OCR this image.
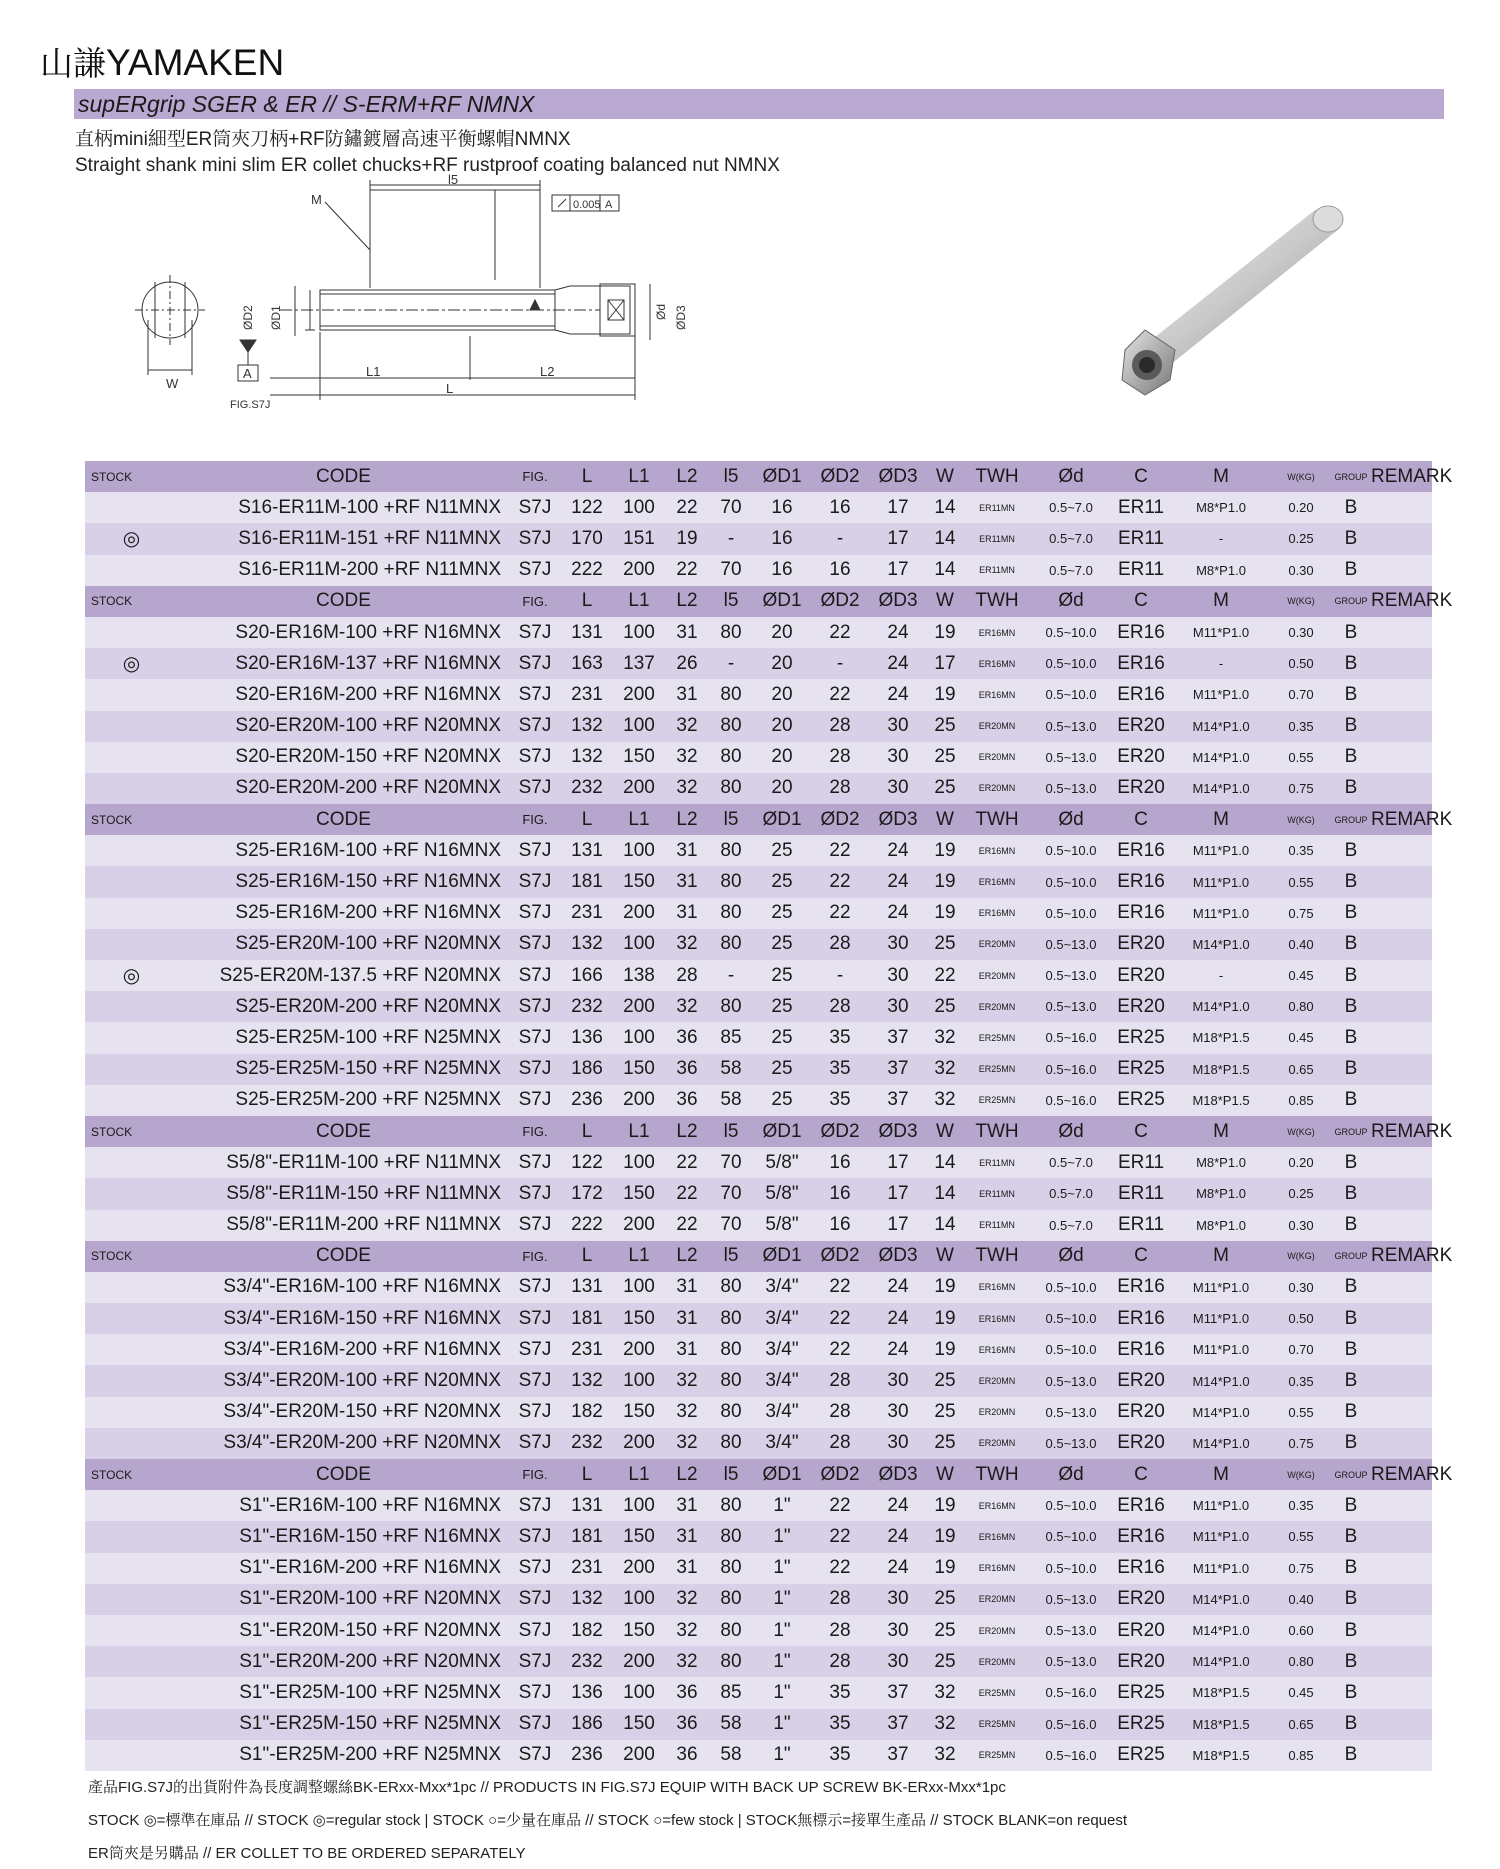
山謙YAMAKEN
supERgrip SGER & ER // S-ERM+RF NMNX
直柄mini細型ER筒夾刀柄+RF防鏽鍍層高速平衡螺帽NMNX
Straight shank mini slim ER collet chucks+RF rustproof coating balanced nut NMNX
M
l5
0.005 A
W
A	L1	L2
L
FIG.S7J
ØD2 ØD1	Ød ØD3
STOCK	CODE	FIG.	L	L1	L2	l5	ØD1	ØD2	ØD3	W	TWH	Ød	C	M	W(KG)	GROUP	REMARK
	S16-ER11M-100 +RF N11MNX	S7J	122	100	22	70	16	16	17	14	ER11MN	0.5~7.0	ER11	M8*P1.0	0.20	B	
◎	S16-ER11M-151 +RF N11MNX	S7J	170	151	19	-	16	-	17	14	ER11MN	0.5~7.0	ER11	-	0.25	B	
	S16-ER11M-200 +RF N11MNX	S7J	222	200	22	70	16	16	17	14	ER11MN	0.5~7.0	ER11	M8*P1.0	0.30	B	
STOCK	CODE	FIG.	L	L1	L2	l5	ØD1	ØD2	ØD3	W	TWH	Ød	C	M	W(KG)	GROUP	REMARK
	S20-ER16M-100 +RF N16MNX	S7J	131	100	31	80	20	22	24	19	ER16MN	0.5~10.0	ER16	M11*P1.0	0.30	B	
◎	S20-ER16M-137 +RF N16MNX	S7J	163	137	26	-	20	-	24	17	ER16MN	0.5~10.0	ER16	-	0.50	B	
	S20-ER16M-200 +RF N16MNX	S7J	231	200	31	80	20	22	24	19	ER16MN	0.5~10.0	ER16	M11*P1.0	0.70	B	
	S20-ER20M-100 +RF N20MNX	S7J	132	100	32	80	20	28	30	25	ER20MN	0.5~13.0	ER20	M14*P1.0	0.35	B	
	S20-ER20M-150 +RF N20MNX	S7J	132	150	32	80	20	28	30	25	ER20MN	0.5~13.0	ER20	M14*P1.0	0.55	B	
	S20-ER20M-200 +RF N20MNX	S7J	232	200	32	80	20	28	30	25	ER20MN	0.5~13.0	ER20	M14*P1.0	0.75	B	
STOCK	CODE	FIG.	L	L1	L2	l5	ØD1	ØD2	ØD3	W	TWH	Ød	C	M	W(KG)	GROUP	REMARK
	S25-ER16M-100 +RF N16MNX	S7J	131	100	31	80	25	22	24	19	ER16MN	0.5~10.0	ER16	M11*P1.0	0.35	B	
	S25-ER16M-150 +RF N16MNX	S7J	181	150	31	80	25	22	24	19	ER16MN	0.5~10.0	ER16	M11*P1.0	0.55	B	
	S25-ER16M-200 +RF N16MNX	S7J	231	200	31	80	25	22	24	19	ER16MN	0.5~10.0	ER16	M11*P1.0	0.75	B	
	S25-ER20M-100 +RF N20MNX	S7J	132	100	32	80	25	28	30	25	ER20MN	0.5~13.0	ER20	M14*P1.0	0.40	B	
◎	S25-ER20M-137.5 +RF N20MNX	S7J	166	138	28	-	25	-	30	22	ER20MN	0.5~13.0	ER20	-	0.45	B	
	S25-ER20M-200 +RF N20MNX	S7J	232	200	32	80	25	28	30	25	ER20MN	0.5~13.0	ER20	M14*P1.0	0.80	B	
	S25-ER25M-100 +RF N25MNX	S7J	136	100	36	85	25	35	37	32	ER25MN	0.5~16.0	ER25	M18*P1.5	0.45	B	
	S25-ER25M-150 +RF N25MNX	S7J	186	150	36	58	25	35	37	32	ER25MN	0.5~16.0	ER25	M18*P1.5	0.65	B	
	S25-ER25M-200 +RF N25MNX	S7J	236	200	36	58	25	35	37	32	ER25MN	0.5~16.0	ER25	M18*P1.5	0.85	B	
STOCK	CODE	FIG.	L	L1	L2	l5	ØD1	ØD2	ØD3	W	TWH	Ød	C	M	W(KG)	GROUP	REMARK
	S5/8"-ER11M-100 +RF N11MNX	S7J	122	100	22	70	5/8"	16	17	14	ER11MN	0.5~7.0	ER11	M8*P1.0	0.20	B	
	S5/8"-ER11M-150 +RF N11MNX	S7J	172	150	22	70	5/8"	16	17	14	ER11MN	0.5~7.0	ER11	M8*P1.0	0.25	B	
	S5/8"-ER11M-200 +RF N11MNX	S7J	222	200	22	70	5/8"	16	17	14	ER11MN	0.5~7.0	ER11	M8*P1.0	0.30	B	
STOCK	CODE	FIG.	L	L1	L2	l5	ØD1	ØD2	ØD3	W	TWH	Ød	C	M	W(KG)	GROUP	REMARK
	S3/4"-ER16M-100 +RF N16MNX	S7J	131	100	31	80	3/4"	22	24	19	ER16MN	0.5~10.0	ER16	M11*P1.0	0.30	B	
	S3/4"-ER16M-150 +RF N16MNX	S7J	181	150	31	80	3/4"	22	24	19	ER16MN	0.5~10.0	ER16	M11*P1.0	0.50	B	
	S3/4"-ER16M-200 +RF N16MNX	S7J	231	200	31	80	3/4"	22	24	19	ER16MN	0.5~10.0	ER16	M11*P1.0	0.70	B	
	S3/4"-ER20M-100 +RF N20MNX	S7J	132	100	32	80	3/4"	28	30	25	ER20MN	0.5~13.0	ER20	M14*P1.0	0.35	B	
	S3/4"-ER20M-150 +RF N20MNX	S7J	182	150	32	80	3/4"	28	30	25	ER20MN	0.5~13.0	ER20	M14*P1.0	0.55	B	
	S3/4"-ER20M-200 +RF N20MNX	S7J	232	200	32	80	3/4"	28	30	25	ER20MN	0.5~13.0	ER20	M14*P1.0	0.75	B	
STOCK	CODE	FIG.	L	L1	L2	l5	ØD1	ØD2	ØD3	W	TWH	Ød	C	M	W(KG)	GROUP	REMARK
	S1"-ER16M-100 +RF N16MNX	S7J	131	100	31	80	1"	22	24	19	ER16MN	0.5~10.0	ER16	M11*P1.0	0.35	B	
	S1"-ER16M-150 +RF N16MNX	S7J	181	150	31	80	1"	22	24	19	ER16MN	0.5~10.0	ER16	M11*P1.0	0.55	B	
	S1"-ER16M-200 +RF N16MNX	S7J	231	200	31	80	1"	22	24	19	ER16MN	0.5~10.0	ER16	M11*P1.0	0.75	B	
	S1"-ER20M-100 +RF N20MNX	S7J	132	100	32	80	1"	28	30	25	ER20MN	0.5~13.0	ER20	M14*P1.0	0.40	B	
	S1"-ER20M-150 +RF N20MNX	S7J	182	150	32	80	1"	28	30	25	ER20MN	0.5~13.0	ER20	M14*P1.0	0.60	B	
	S1"-ER20M-200 +RF N20MNX	S7J	232	200	32	80	1"	28	30	25	ER20MN	0.5~13.0	ER20	M14*P1.0	0.80	B	
	S1"-ER25M-100 +RF N25MNX	S7J	136	100	36	85	1"	35	37	32	ER25MN	0.5~16.0	ER25	M18*P1.5	0.45	B	
	S1"-ER25M-150 +RF N25MNX	S7J	186	150	36	58	1"	35	37	32	ER25MN	0.5~16.0	ER25	M18*P1.5	0.65	B	
	S1"-ER25M-200 +RF N25MNX	S7J	236	200	36	58	1"	35	37	32	ER25MN	0.5~16.0	ER25	M18*P1.5	0.85	B	
產品FIG.S7J的出貨附件為長度調整螺絲BK-ERxx-Mxx*1pc // PRODUCTS IN FIG.S7J EQUIP WITH BACK UP SCREW BK-ERxx-Mxx*1pc
STOCK ◎=標準在庫品 // STOCK ◎=regular stock | STOCK ○=少量在庫品 // STOCK ○=few stock | STOCK無標示=接單生產品 // STOCK BLANK=on request
ER筒夾是另購品 // ER COLLET TO BE ORDERED SEPARATELY
